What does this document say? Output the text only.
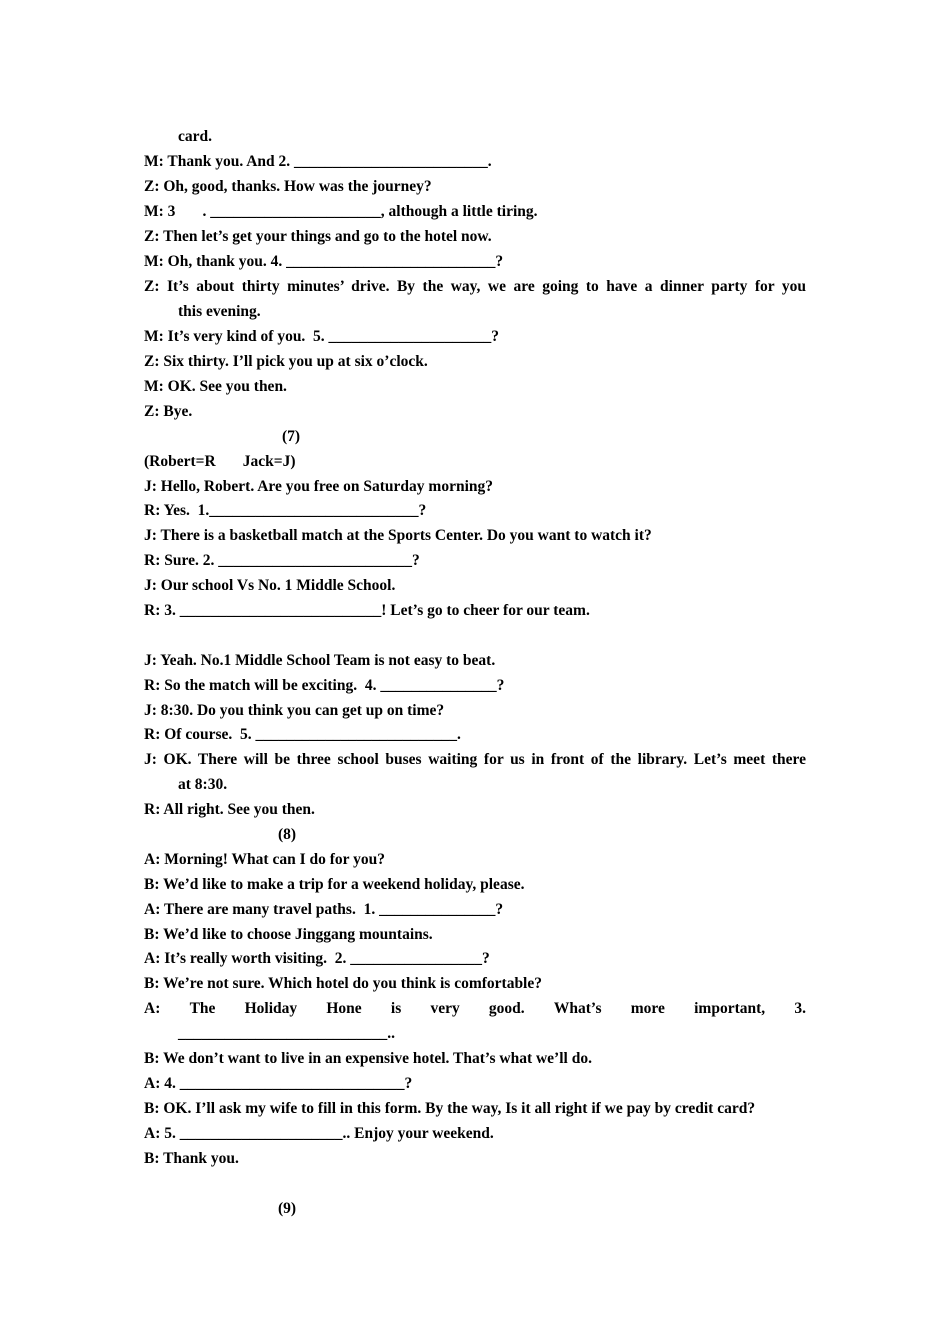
card.
M: Thank you. And 2. _________________________.
Z: Oh, good, thanks. How was the journey?
M: 3       . ______________________, although a little tiring.
Z: Then let’s get your things and go to the hotel now.
M: Oh, thank you. 4. ___________________________?
Z: It’s about thirty minutes’ drive. By the way, we are going to have a dinner party for you
this evening.
M: It’s very kind of you.  5. _____________________?
Z: Six thirty. I’ll pick you up at six o’clock.
M: OK. See you then.
Z: Bye.
(7)
(Robert=R       Jack=J)
J: Hello, Robert. Are you free on Saturday morning?
R: Yes.  1.___________________________?
J: There is a basketball match at the Sports Center. Do you want to watch it?
R: Sure. 2. _________________________?
J: Our school Vs No. 1 Middle School.
R: 3. __________________________! Let’s go to cheer for our team.
J: Yeah. No.1 Middle School Team is not easy to beat.
R: So the match will be exciting.  4. _______________?
J: 8:30. Do you think you can get up on time?
R: Of course.  5. __________________________.
J: OK. There will be three school buses waiting for us in front of the library. Let’s meet there
at 8:30.
R: All right. See you then.
(8)
A: Morning! What can I do for you?
B: We’d like to make a trip for a weekend holiday, please.
A: There are many travel paths.  1. _______________?
B: We’d like to choose Jinggang mountains.
A: It’s really worth visiting.  2. _________________?
B: We’re not sure. Which hotel do you think is comfortable?
A: The Holiday Hone is very good. What’s more important, 3.
___________________________..
B: We don’t want to live in an expensive hotel. That’s what we’ll do.
A: 4. _____________________________?
B: OK. I’ll ask my wife to fill in this form. By the way, Is it all right if we pay by credit card?
A: 5. _____________________.. Enjoy your weekend.
B: Thank you.
(9)
